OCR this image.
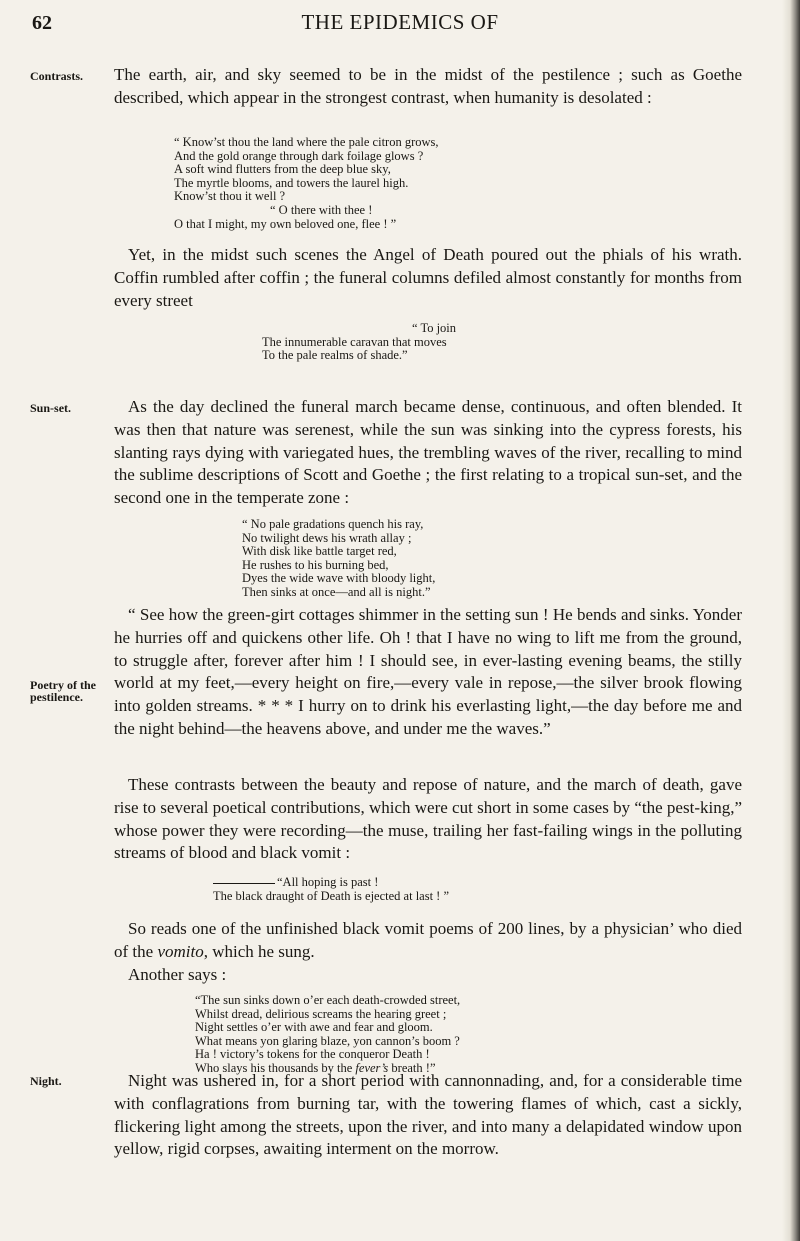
62	THE EPIDEMICS OF
Contrasts.
Sun-set.
Poetry of the
pestilence.
Night.

The earth, air, and sky seemed to be in the midst of the pestilence ; such as Goethe described, which appear in the strongest contrast, when humanity is desolated :

“ Know’st thou the land where the pale citron grows,
And the gold orange through dark foilage glows ?
A soft wind flutters from the deep blue sky,
The myrtle blooms, and towers the laurel high.
Know’st thou it well ?
“ O there with thee !
O that I might, my own beloved one, flee ! ”

Yet, in the midst such scenes the Angel of Death poured out the phials of his wrath. Coffin rumbled after coffin ; the funeral columns defiled almost constantly for months from every street

“ To join
The innumerable caravan that moves
To the pale realms of shade.”

As the day declined the funeral march became dense, continuous, and often blended. It was then that nature was serenest, while the sun was sinking into the cypress forests, his slanting rays dying with variegated hues, the trembling waves of the river, recalling to mind the sublime descriptions of Scott and Goethe ; the first relating to a tropical sun-set, and the second one in the temperate zone :

“ No pale gradations quench his ray,
No twilight dews his wrath allay ;
With disk like battle target red,
He rushes to his burning bed,
Dyes the wide wave with bloody light,
Then sinks at once—and all is night.”

“ See how the green-girt cottages shimmer in the setting sun ! He bends and sinks. Yonder he hurries off and quickens other life. Oh ! that I have no wing to lift me from the ground, to struggle after, forever after him ! I should see, in ever-lasting evening beams, the stilly world at my feet,—every height on fire,—every vale in repose,—the silver brook flowing into golden streams. * * * I hurry on to drink his everlasting light,—the day before me and the night behind—the heavens above, and under me the waves.”

These contrasts between the beauty and repose of nature, and the march of death, gave rise to several poetical contributions, which were cut short in some cases by “the pest-king,” whose power they were recording—the muse, trailing her fast-failing wings in the polluting streams of blood and black vomit :

“All hoping is past !
The black draught of Death is ejected at last ! ”

So reads one of the unfinished black vomit poems of 200 lines, by a physician’ who died of the vomito, which he sung.

Another says :

“The sun sinks down o’er each death-crowded street,
Whilst dread, delirious screams the hearing greet ;
Night settles o’er with awe and fear and gloom.
What means yon glaring blaze, yon cannon’s boom ?
Ha ! victory’s tokens for the conqueror Death !
Who slays his thousands by the fever’s breath !”

Night was ushered in, for a short period with cannonnading, and, for a considerable time with conflagrations from burning tar, with the towering flames of which, cast a sickly, flickering light among the streets, upon the river, and into many a delapidated window upon yellow, rigid corpses, awaiting interment on the morrow.
